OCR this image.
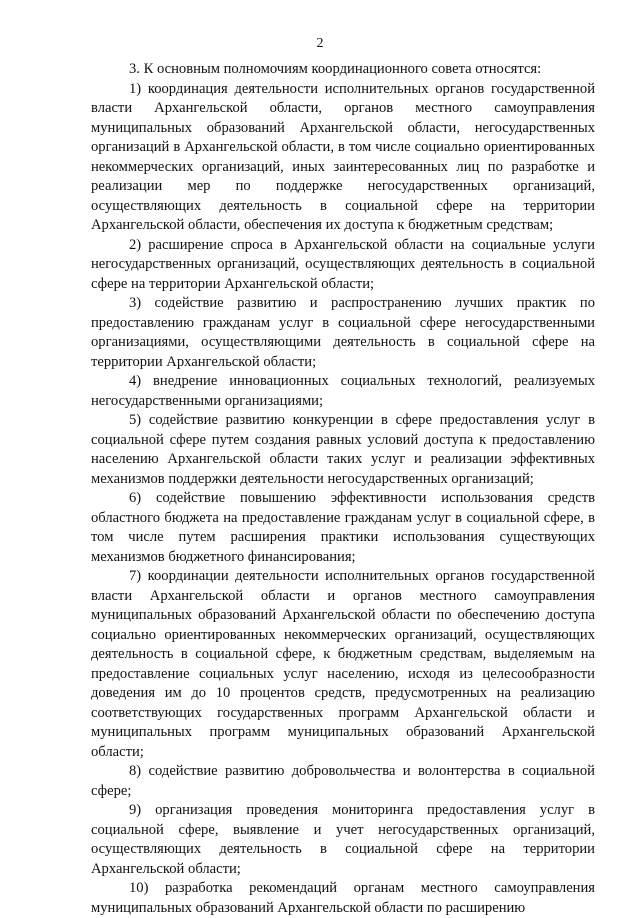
2

3. К основным полномочиям координационного совета относятся:

1) координация деятельности исполнительных органов государственной власти Архангельской области, органов местного самоуправления муниципальных образований Архангельской области, негосударственных организаций в Архангельской области, в том числе социально ориентированных некоммерческих организаций, иных заинтересованных лиц по разработке и реализации мер по поддержке негосударственных организаций, осуществляющих деятельность в социальной сфере на территории Архангельской области, обеспечения их доступа к бюджетным средствам;

2) расширение спроса в Архангельской области на социальные услуги негосударственных организаций, осуществляющих деятельность в социальной сфере на территории Архангельской области;

3) содействие развитию и распространению лучших практик по предоставлению гражданам услуг в социальной сфере негосударственными организациями, осуществляющими деятельность в социальной сфере на территории Архангельской области;

4) внедрение инновационных социальных технологий, реализуемых негосударственными организациями;

5) содействие развитию конкуренции в сфере предоставления услуг в социальной сфере путем создания равных условий доступа к предоставлению населению Архангельской области таких услуг и реализации эффективных механизмов поддержки деятельности негосударственных организаций;

6) содействие повышению эффективности использования средств областного бюджета на предоставление гражданам услуг в социальной сфере, в том числе путем расширения практики использования существующих механизмов бюджетного финансирования;

7) координации деятельности исполнительных органов государственной власти Архангельской области и органов местного самоуправления муниципальных образований Архангельской области по обеспечению доступа социально ориентированных некоммерческих организаций, осуществляющих деятельность в социальной сфере, к бюджетным средствам, выделяемым на предоставление социальных услуг населению, исходя из целесообразности доведения им до 10 процентов средств, предусмотренных на реализацию соответствующих государственных программ Архангельской области и муниципальных программ муниципальных образований Архангельской области;

8) содействие развитию добровольчества и волонтерства в социальной сфере;

9) организация проведения мониторинга предоставления услуг в социальной сфере, выявление и учет негосударственных организаций, осуществляющих деятельность в социальной сфере на территории Архангельской области;

10) разработка рекомендаций органам местного самоуправления муниципальных образований Архангельской области по расширению
